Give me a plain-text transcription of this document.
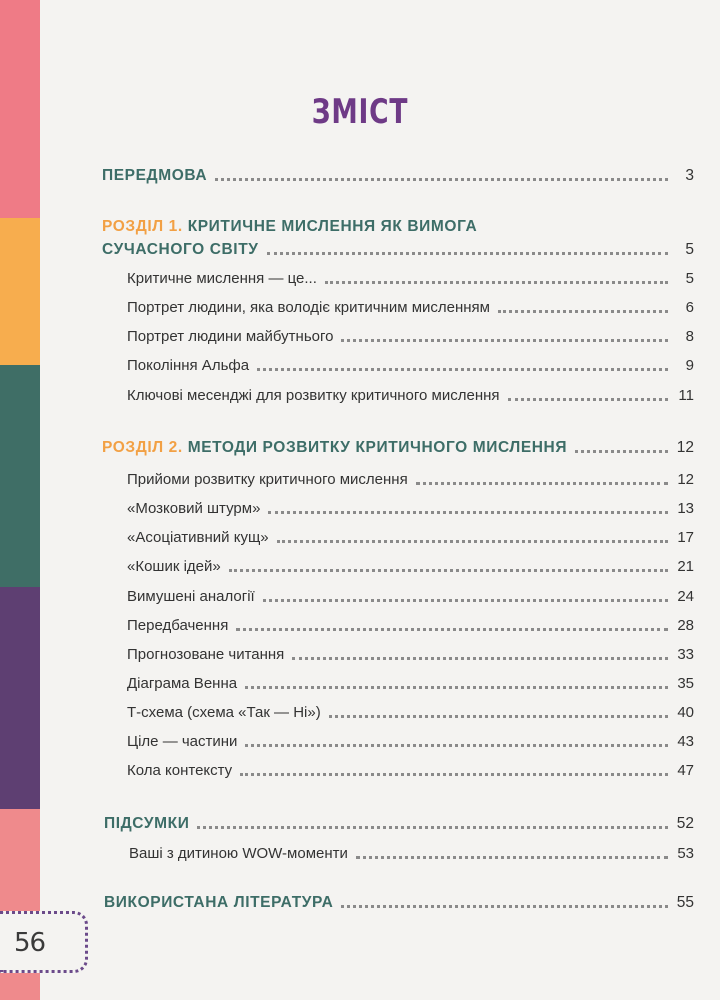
56
ЗМІСТ
ПЕРЕДМОВА	3
РОЗДІЛ 1. КРИТИЧНЕ МИСЛЕННЯ ЯК ВИМОГА
СУЧАСНОГО СВІТУ	5
Критичне мислення — це...	5
Портрет людини, яка володіє критичним мисленням	6
Портрет людини майбутнього	8
Покоління Альфа	9
Ключові месенджі для розвитку критичного мислення	11
РОЗДІЛ 2. МЕТОДИ РОЗВИТКУ КРИТИЧНОГО МИСЛЕННЯ	12
Прийоми розвитку критичного мислення	12
«Мозковий штурм»	13
«Асоціативний кущ»	17
«Кошик ідей»	21
Вимушені аналогії	24
Передбачення	28
Прогнозоване читання	33
Діаграма Венна	35
Т-схема (схема «Так — Ні»)	40
Ціле — частини	43
Кола контексту	47
ПІДСУМКИ	52
Ваші з дитиною WOW-моменти	53
ВИКОРИСТАНА ЛІТЕРАТУРА	55
